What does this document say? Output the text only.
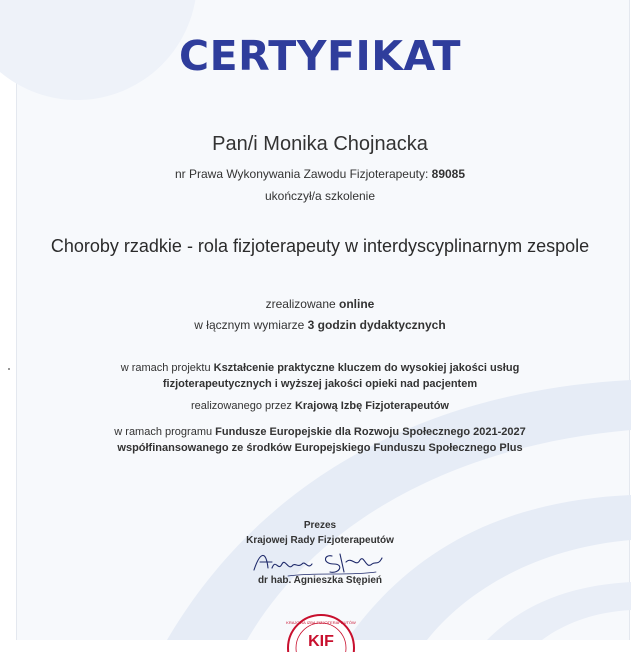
CERTYFIKAT
Pan/i Monika Chojnacka
nr Prawa Wykonywania Zawodu Fizjoterapeuty: 89085
ukończył/a szkolenie
Choroby rzadkie - rola fizjoterapeuty w interdyscyplinarnym zespole
zrealizowane online
w łącznym wymiarze 3 godzin dydaktycznych
w ramach projektu Kształcenie praktyczne kluczem do wysokiej jakości usług
fizjoterapeutycznych i wyższej jakości opieki nad pacjentem
realizowanego przez Krajową Izbę Fizjoterapeutów
w ramach programu Fundusze Europejskie dla Rozwoju Społecznego 2021-2027
współfinansowanego ze środków Europejskiego Funduszu Społecznego Plus
Prezes
Krajowej Rady Fizjoterapeutów
dr hab. Agnieszka Stępień
KRAJOWA IZBA FIZJOTERAPEUTÓW
KIF
